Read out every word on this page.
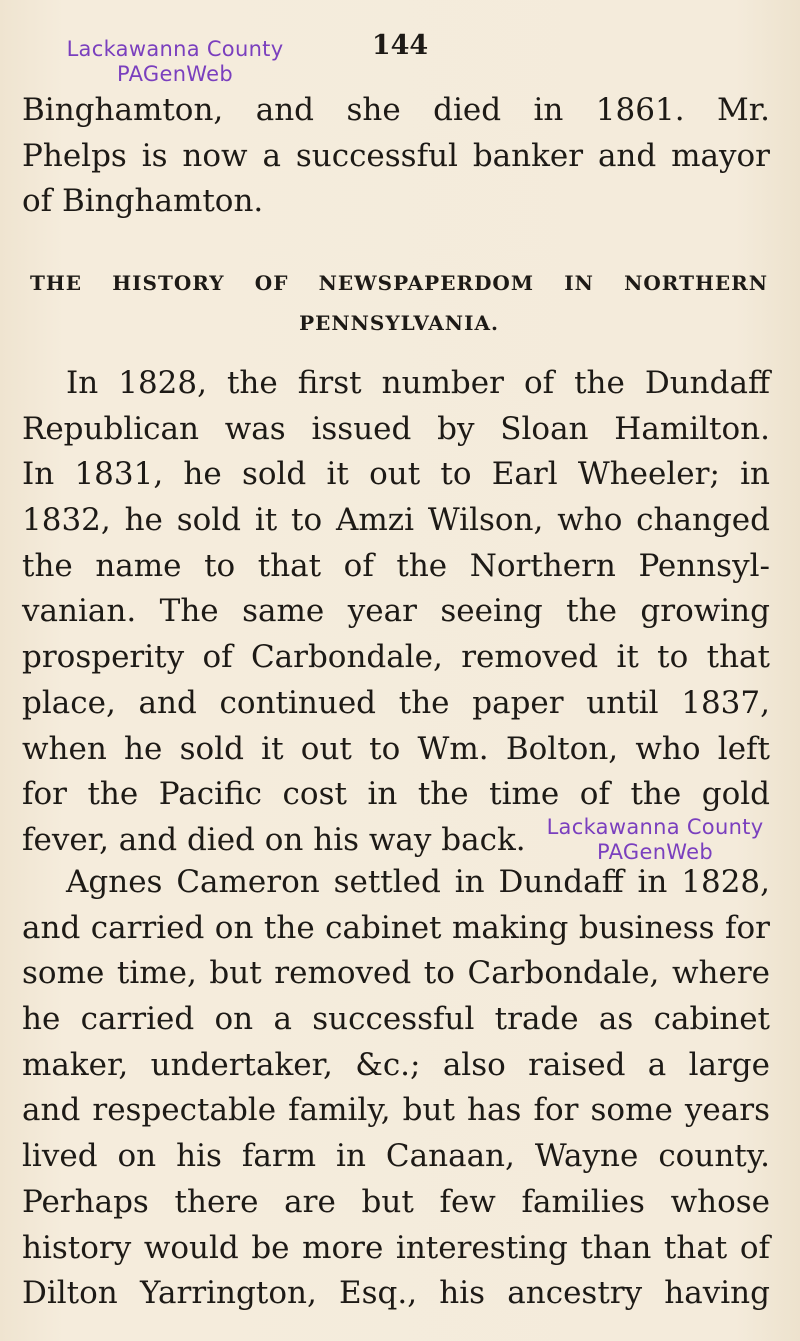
Lackawanna County
PAGenWeb
144
Binghamton, and she died in 1861. Mr.
Phelps is now a successful banker and mayor
of Binghamton.
THE HISTORY OF NEWSPAPERDOM IN NORTHERN
PENNSYLVANIA.
In 1828, the first number of the Dundaff
Republican was issued by Sloan Hamilton.
In 1831, he sold it out to Earl Wheeler; in
1832, he sold it to Amzi Wilson, who changed
the name to that of the Northern Pennsyl-
vanian. The same year seeing the growing
prosperity of Carbondale, removed it to that
place, and continued the paper until 1837,
when he sold it out to Wm. Bolton, who left
for the Pacific cost in the time of the gold
fever, and died on his way back. Lackawanna County
PAGenWeb
Agnes Cameron settled in Dundaff in 1828,
and carried on the cabinet making business for
some time, but removed to Carbondale, where
he carried on a successful trade as cabinet
maker, undertaker, &c.; also raised a large
and respectable family, but has for some years
lived on his farm in Canaan, Wayne county.
Perhaps there are but few families whose
history would be more interesting than that of
Dilton Yarrington, Esq., his ancestry having
